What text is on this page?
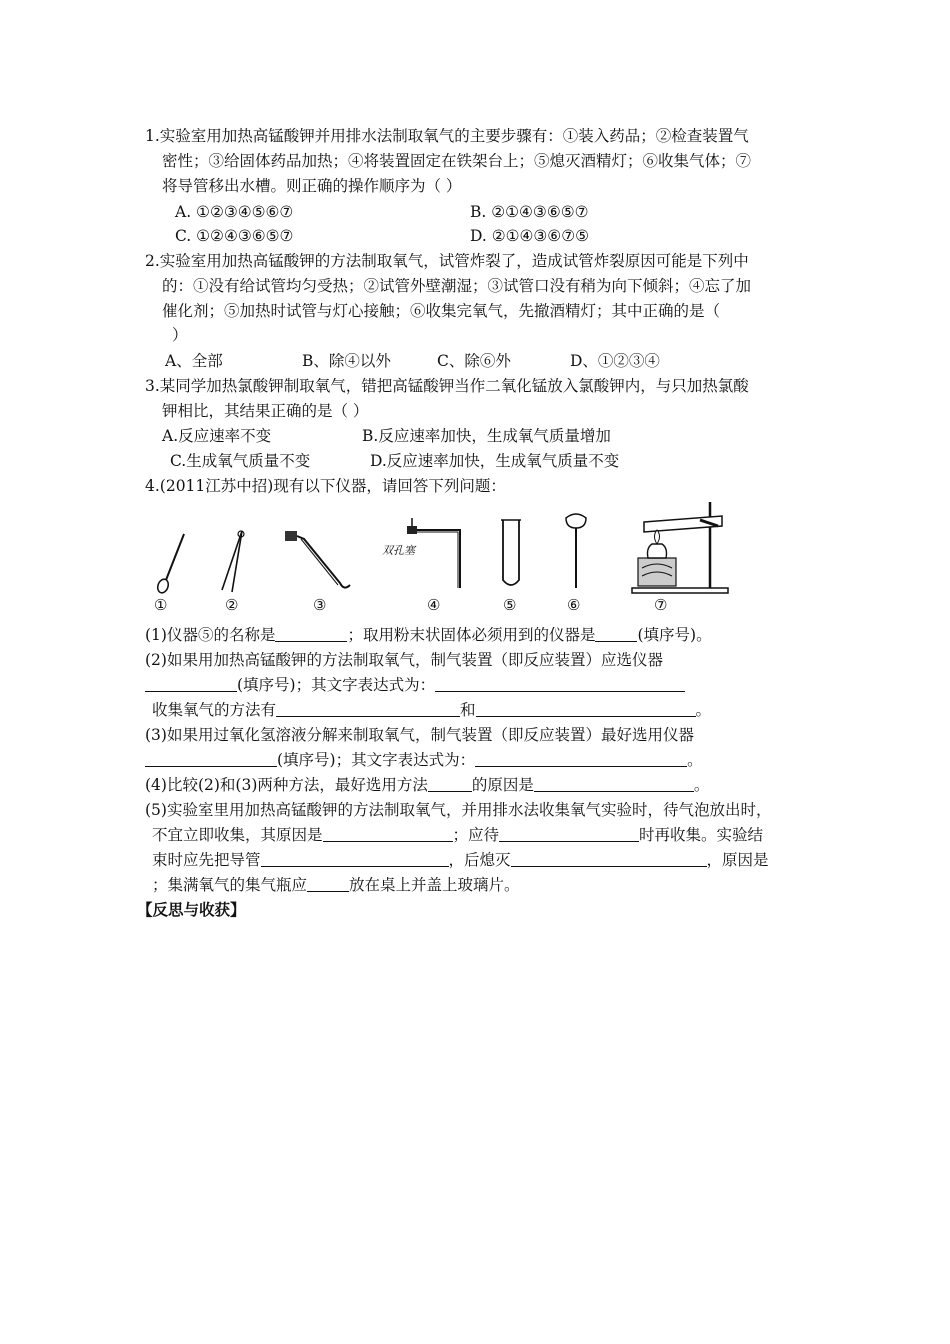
1.实验室用加热高锰酸钾并用排水法制取氧气的主要步骤有：①装入药品；②检查装置气
密性；③给固体药品加热；④将装置固定在铁架台上；⑤熄灭酒精灯；⑥收集气体；⑦
将导管移出水槽。则正确的操作顺序为（ ）
A. ①②③④⑤⑥⑦	B. ②①④③⑥⑤⑦
C. ①②④③⑥⑤⑦	D. ②①④③⑥⑦⑤
2.实验室用加热高锰酸钾的方法制取氧气，试管炸裂了，造成试管炸裂原因可能是下列中
的：①没有给试管均匀受热；②试管外壁潮湿；③试管口没有稍为向下倾斜；④忘了加
催化剂；⑤加热时试管与灯心接触；⑥收集完氧气，先撤酒精灯；其中正确的是（
）
A、全部	B、除④以外	C、除⑥外	D、①②③④
3.某同学加热氯酸钾制取氧气，错把高锰酸钾当作二氧化锰放入氯酸钾内，与只加热氯酸
钾相比，其结果正确的是（ ）
A.反应速率不变	B.反应速率加快，生成氧气质量增加
C.生成氧气质量不变	D.反应速率加快，生成氧气质量不变
4.(2011江苏中招)现有以下仪器，请回答下列问题：
双孔塞
①	②	③	④	⑤	⑥	⑦
(1)仪器⑤的名称是	；取用粉末状固体必须用到的仪器是	(填序号)。
(2)如果用加热高锰酸钾的方法制取氧气，制气装置（即反应装置）应选仪器
(填序号)；其文字表达式为：
收集氧气的方法有	和	。
(3)如果用过氧化氢溶液分解来制取氧气，制气装置（即反应装置）最好选用仪器
(填序号)；其文字表达式为：	。
(4)比较(2)和(3)两种方法，最好选用方法	的原因是	。
(5)实验室里用加热高锰酸钾的方法制取氧气，并用排水法收集氧气实验时，待气泡放出时，
不宜立即收集，其原因是	；应待	时再收集。实验结
束时应先把导管	，后熄灭	，原因是
；集满氧气的集气瓶应	放在桌上并盖上玻璃片。
【反思与收获】
